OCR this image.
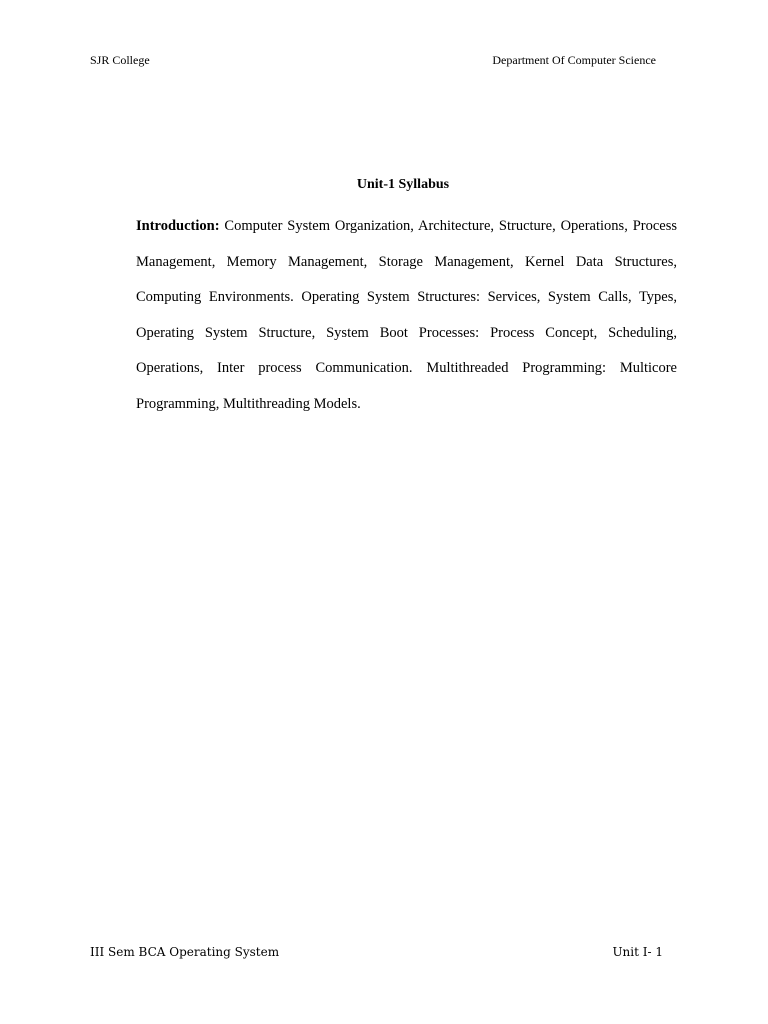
SJR College	Department Of Computer Science
Unit-1 Syllabus

Introduction: Computer System Organization, Architecture, Structure, Operations, Process Management, Memory Management, Storage Management, Kernel Data Structures, Computing Environments. Operating System Structures: Services, System Calls, Types, Operating System Structure, System Boot Processes: Process Concept, Scheduling, Operations, Inter process Communication. Multithreaded Programming: Multicore Programming, Multithreading Models.

III Sem BCA Operating System	Unit I- 1
